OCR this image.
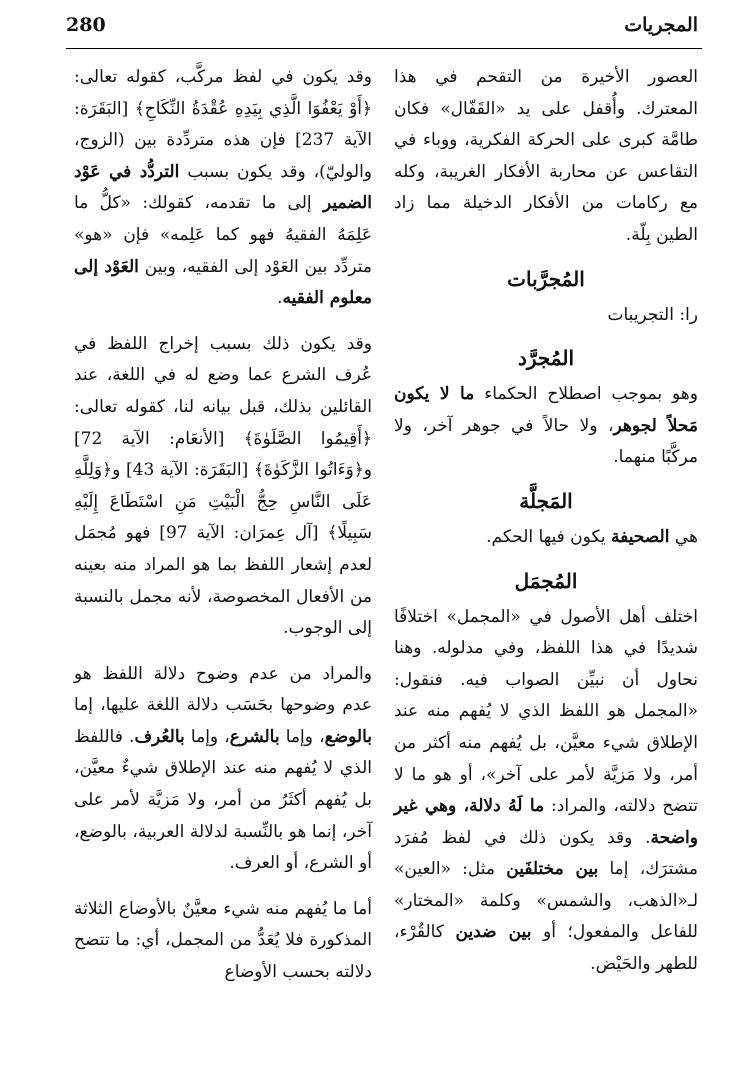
280	المجريات

العصور الأخيرة من التقحم في هذا المعترك. وأُقفل على يد «القَفّال» فكان طامَّة كبرى على الحركة الفكرية، ووباء في التقاعس عن محاربة الأفكار الغريبة، وكله مع ركامات من الأفكار الدخيلة مما زاد الطين بِلّة.

المُجرَّبات

را: التجريبات

المُجرَّد

وهو بموجب اصطلاح الحكماء ما لا يكون مَحلاً لجوهر، ولا حالاً في جوهر آخر، ولا مركَّبًا منهما.

المَجلَّة

هي الصحيفة يكون فيها الحكم.

المُجمَل

اختلف أهل الأصول في «المجمل» اختلافًا شديدًا في هذا اللفظ، وفي مدلوله. وهنا نحاول أن نبيِّن الصواب فيه. فنقول: «المجمل هو اللفظ الذي لا يُفهم منه عند الإطلاق شيء معيَّن، بل يُفهم منه أكثر من أمر، ولا مَزيَّة لأمر على آخر»، أو هو ما لا تتضح دلالته، والمراد: ما لَهُ دلالة، وهي غير واضحة. وقد يكون ذلك في لفظ مُفرَد مشترَك، إما بين مختلفَين مثل: «العين» لـ«الذهب، والشمس» وكلمة «المختار» للفاعل والمفعول؛ أو بين ضدين كالقُرْء، للطهر والحَيْض.

وقد يكون في لفظ مركَّب، كقوله تعالى: ﴿أَوْ يَعْفُوَا الَّذِي بِيَدِهِ عُقْدَةُ النِّكَاحِ﴾ [البَقَرَة: الآية 237] فإن هذه متردِّدة بين (الزوج، والوليّ)، وقد يكون بسبب التردُّد في عَوْد الضمير إلى ما تقدمه، كقولك: «كلُّ ما عَلِمَهُ الفقيهُ فهو كما عَلِمه» فإن «هو» متردِّد بين العَوْد إلى الفقيه، وبين العَوْد إلى معلوم الفقيه.

وقد يكون ذلك بسبب إخراج اللفظ في عُرف الشرع عما وضع له في اللغة، عند القائلين بذلك، قبل بيانه لنا، كقوله تعالى: ﴿أَقِيمُوا الصَّلَوٰةَ﴾ [الأنعَام: الآية 72] و﴿وَءَاتُوا الزَّكَوٰةَ﴾ [البَقَرَة: الآية 43] و﴿وَلِلَّهِ عَلَى النَّاسِ حِجُّ الْبَيْتِ مَنِ اسْتَطَاعَ إِلَيْهِ سَبِيلًا﴾ [آل عِمرَان: الآية 97] فهو مُجمَل لعدم إشعار اللفظ بما هو المراد منه بعينه من الأفعال المخصوصة، لأنه مجمل بالنسبة إلى الوجوب.

والمراد من عدم وضوح دلالة اللفظ هو عدم وضوحها بحَسَب دلالة اللغة عليها، إما بالوضع، وإما بالشرع، وإما بالعُرف. فاللفظ الذي لا يُفهم منه عند الإطلاق شيءٌ معيَّن، بل يُفهم أكثَرُ من أمر، ولا مَزيَّة لأمر على آخر، إنما هو بالنِّسبة لدلالة العربية، بالوضع، أو الشرع، أو العرف.

أما ما يُفهم منه شيء معيَّنٌ بالأوضاع الثلاثة المذكورة فلا يُعَدُّ من المجمل، أي: ما تتضح دلالته بحسب الأوضاع
